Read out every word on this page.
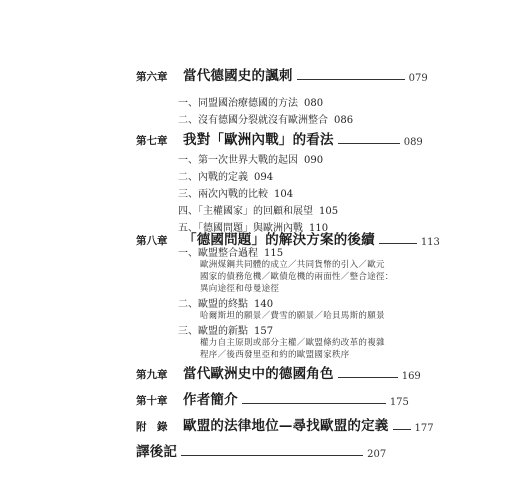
第六章	當代德國史的諷刺	079
一、同盟國治療德國的方法 080
二、沒有德國分裂就沒有歐洲整合 086
第七章	我對「歐洲內戰」的看法	089
一、第一次世界大戰的起因 090
二、內戰的定義 094
三、兩次內戰的比較 104
四、「主權國家」的回顧和展望 105
五、「德國問題」與歐洲內戰 110
第八章	「德國問題」的解決方案的後續	113
一、歐盟整合過程 115
歐洲煤鋼共同體的成立／共同貨幣的引入／歐元
國家的債務危機／歐債危機的兩面性／整合途徑：
異向途徑和母曼途徑
二、歐盟的終點 140
哈爾斯坦的願景／費雪的願景／哈貝馬斯的願景
三、歐盟的新點 157
權力自主原則或部分主權／歐盟條約改革的複雜
程序／後西發里亞和約的歐盟國家秩序
第九章	當代歐洲史中的德國角色	169
第十章	作者簡介	175
附　錄	歐盟的法律地位—尋找歐盟的定義	177
譯後記	207
